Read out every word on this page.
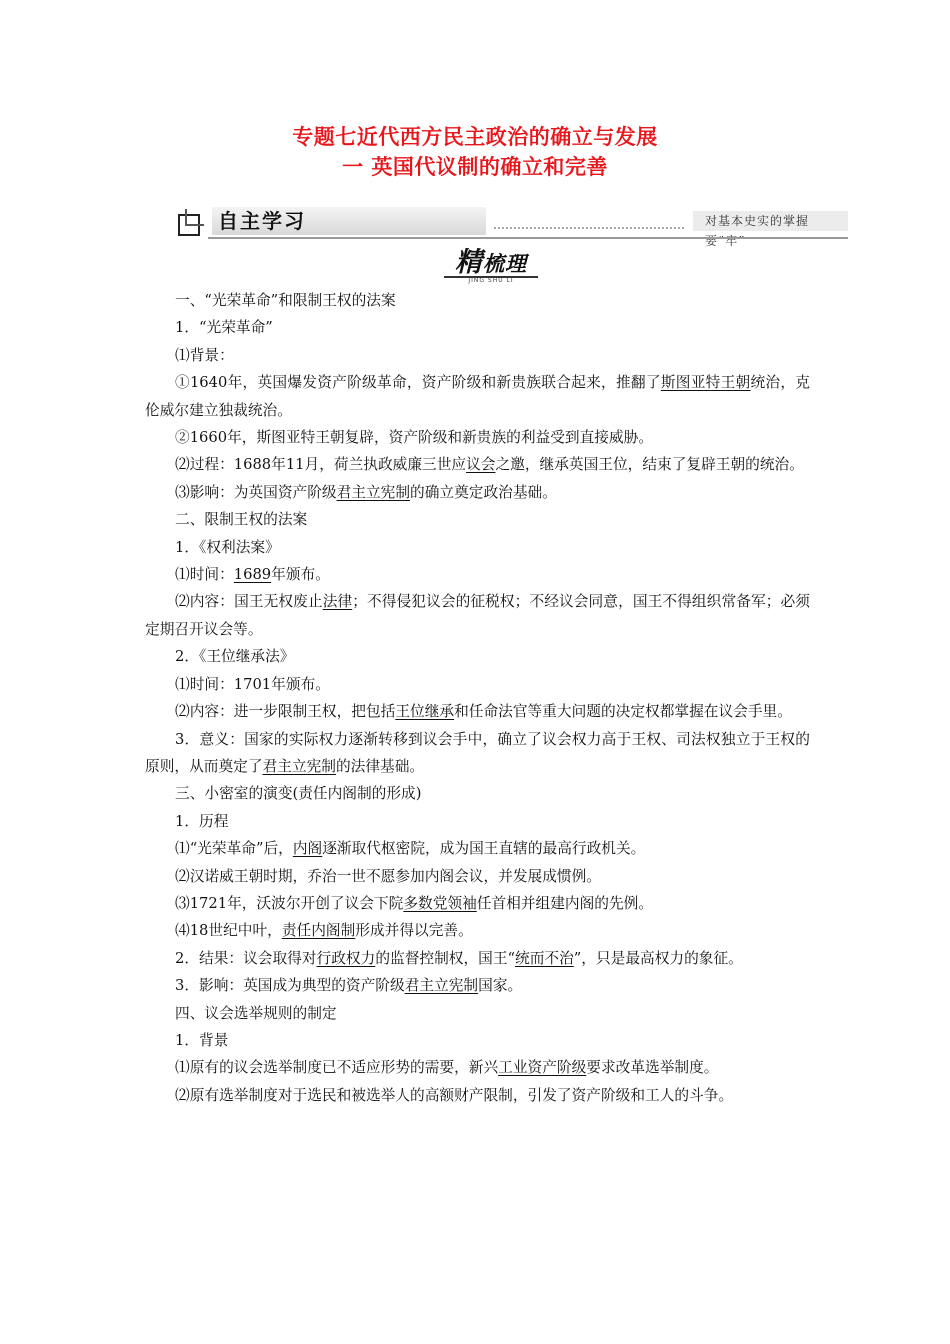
专题七近代西方民主政治的确立与发展
一 英国代议制的确立和完善
自主学习	对基本史实的掌握要“牢”
精梳理
JING SHU LI

一、“光荣革命”和限制王权的法案

1．“光荣革命”

⑴背景：

①1640年，英国爆发资产阶级革命，资产阶级和新贵族联合起来，推翻了斯图亚特王朝统治，克伦威尔建立独裁统治。

②1660年，斯图亚特王朝复辟，资产阶级和新贵族的利益受到直接威胁。

⑵过程：1688年11月，荷兰执政威廉三世应议会之邀，继承英国王位，结束了复辟王朝的统治。

⑶影响：为英国资产阶级君主立宪制的确立奠定政治基础。

二、限制王权的法案

1．《权利法案》

⑴时间：1689年颁布。

⑵内容：国王无权废止法律；不得侵犯议会的征税权；不经议会同意，国王不得组织常备军；必须定期召开议会等。

2．《王位继承法》

⑴时间：1701年颁布。

⑵内容：进一步限制王权，把包括王位继承和任命法官等重大问题的决定权都掌握在议会手里。

3．意义：国家的实际权力逐渐转移到议会手中，确立了议会权力高于王权、司法权独立于王权的原则，从而奠定了君主立宪制的法律基础。

三、小密室的演变(责任内阁制的形成)

1．历程

⑴“光荣革命”后，内阁逐渐取代枢密院，成为国王直辖的最高行政机关。

⑵汉诺威王朝时期，乔治一世不愿参加内阁会议，并发展成惯例。

⑶1721年，沃波尔开创了议会下院多数党领袖任首相并组建内阁的先例。

⑷18世纪中叶，责任内阁制形成并得以完善。

2．结果：议会取得对行政权力的监督控制权，国王“统而不治”，只是最高权力的象征。

3．影响：英国成为典型的资产阶级君主立宪制国家。

四、议会选举规则的制定

1．背景

⑴原有的议会选举制度已不适应形势的需要，新兴工业资产阶级要求改革选举制度。

⑵原有选举制度对于选民和被选举人的高额财产限制，引发了资产阶级和工人的斗争。
